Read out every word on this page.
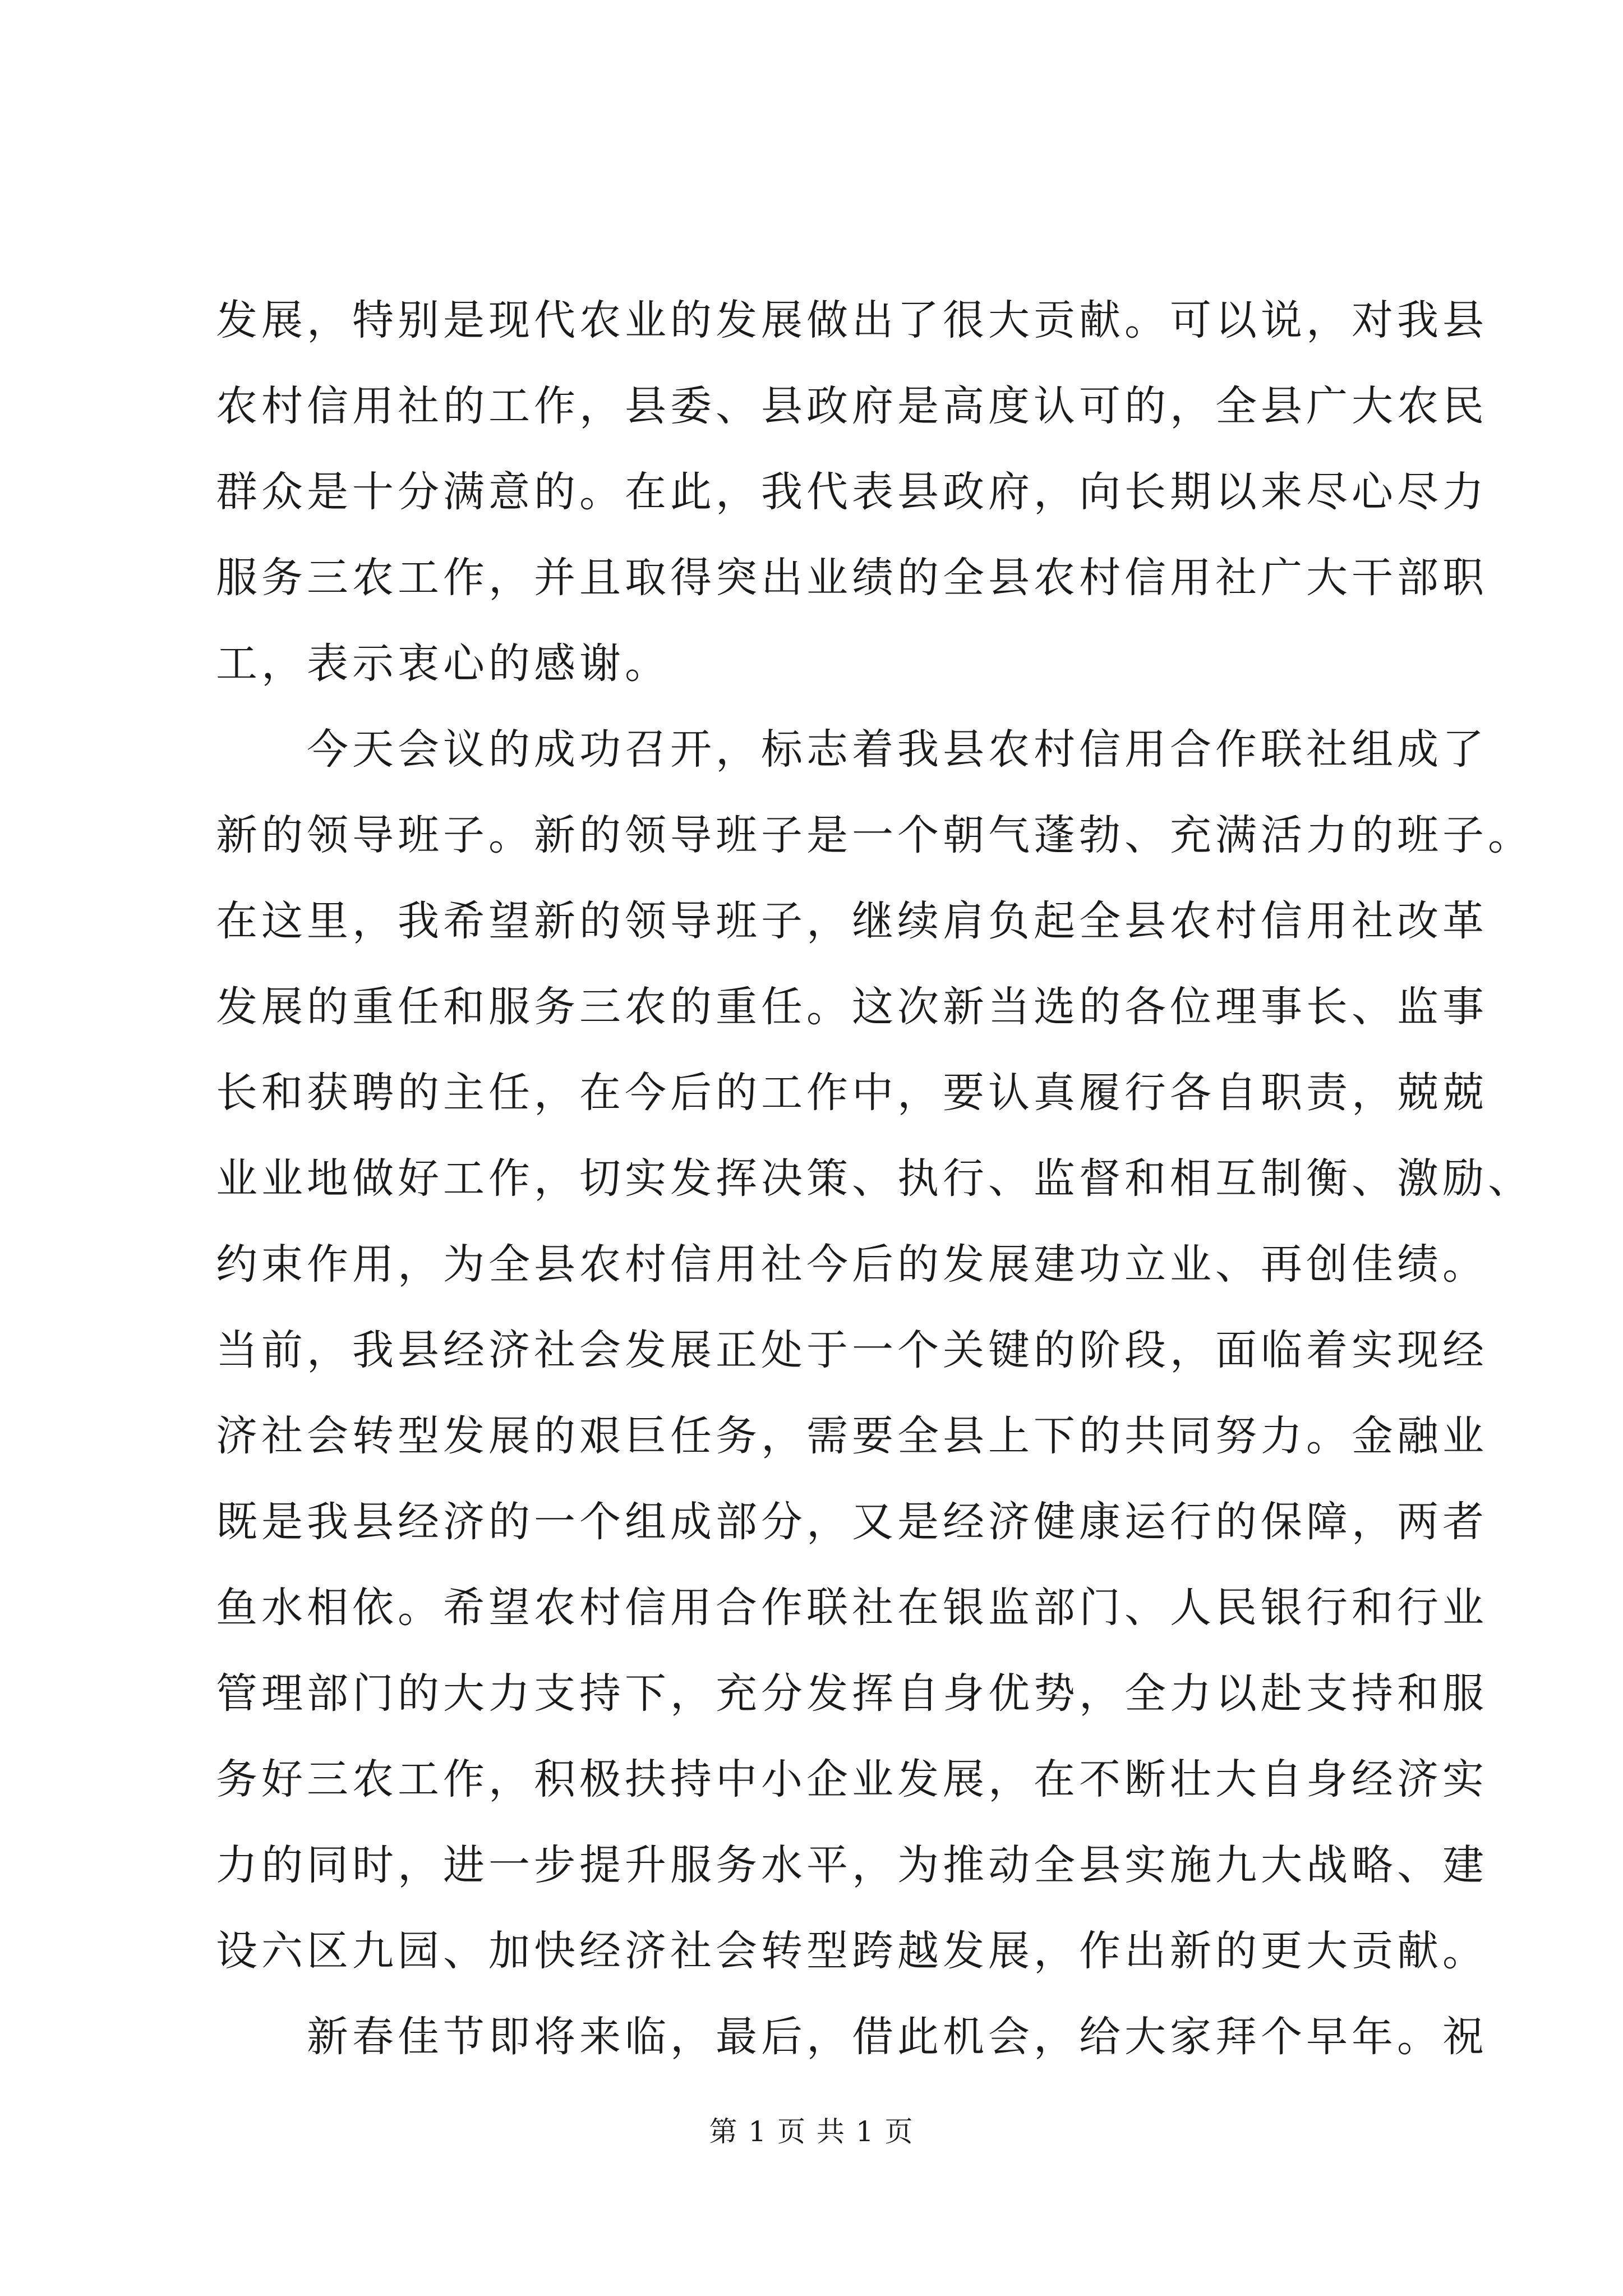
发展，特别是现代农业的发展做出了很大贡献。可以说，对我县
农村信用社的工作，县委、县政府是高度认可的，全县广大农民
群众是十分满意的。在此，我代表县政府，向长期以来尽心尽力
服务三农工作，并且取得突出业绩的全县农村信用社广大干部职
工，表示衷心的感谢。
今天会议的成功召开，标志着我县农村信用合作联社组成了
新的领导班子。新的领导班子是一个朝气蓬勃、充满活力的班子。
在这里，我希望新的领导班子，继续肩负起全县农村信用社改革
发展的重任和服务三农的重任。这次新当选的各位理事长、监事
长和获聘的主任，在今后的工作中，要认真履行各自职责，兢兢
业业地做好工作，切实发挥决策、执行、监督和相互制衡、激励、
约束作用，为全县农村信用社今后的发展建功立业、再创佳绩。
当前，我县经济社会发展正处于一个关键的阶段，面临着实现经
济社会转型发展的艰巨任务，需要全县上下的共同努力。金融业
既是我县经济的一个组成部分，又是经济健康运行的保障，两者
鱼水相依。希望农村信用合作联社在银监部门、人民银行和行业
管理部门的大力支持下，充分发挥自身优势，全力以赴支持和服
务好三农工作，积极扶持中小企业发展，在不断壮大自身经济实
力的同时，进一步提升服务水平，为推动全县实施九大战略、建
设六区九园、加快经济社会转型跨越发展，作出新的更大贡献。
新春佳节即将来临，最后，借此机会，给大家拜个早年。祝
第 1 页 共 1 页
